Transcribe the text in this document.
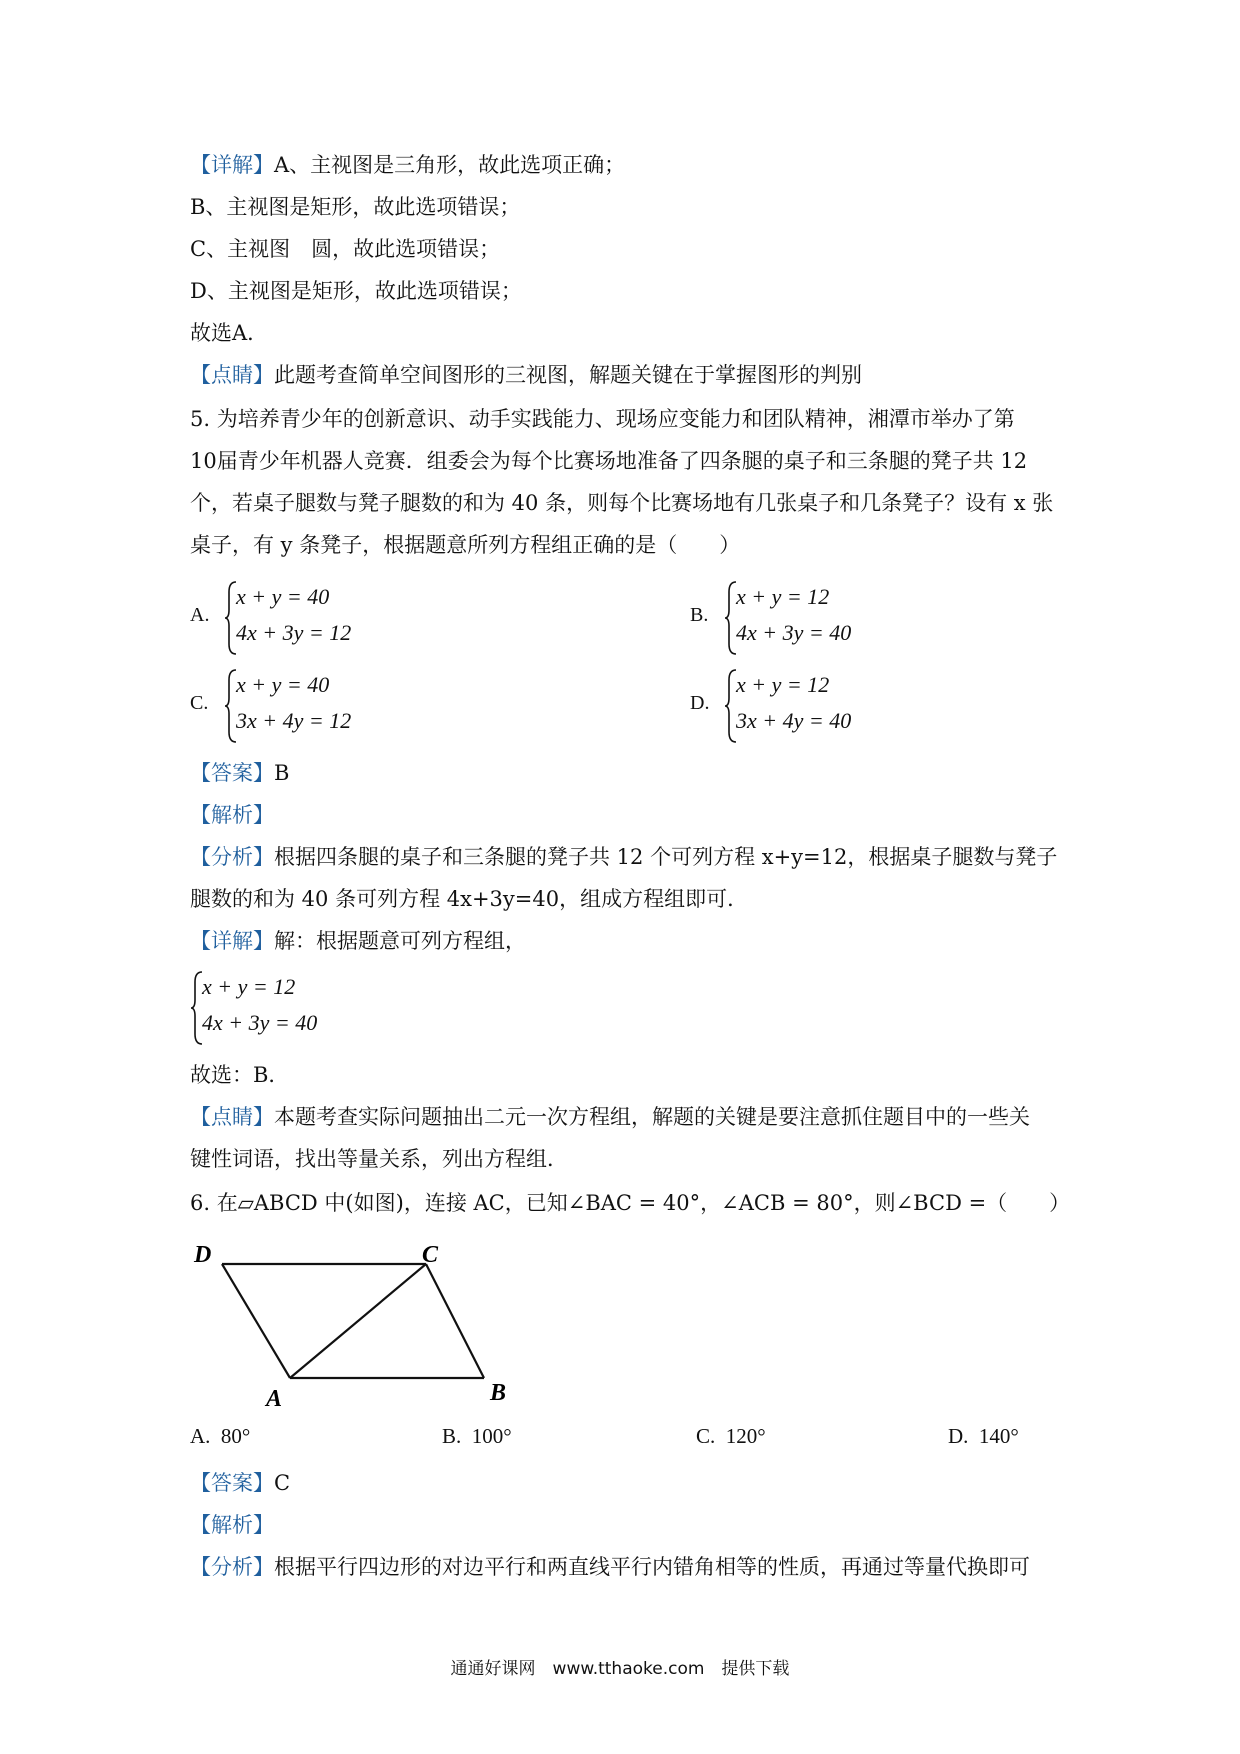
【详解】A、主视图是三角形，故此选项正确；
B、主视图是矩形，故此选项错误；
C、主视图　圆，故此选项错误；
D、主视图是矩形，故此选项错误；
故选A．
【点睛】此题考查简单空间图形的三视图，解题关键在于掌握图形的判别
5. 为培养青少年的创新意识、动手实践能力、现场应变能力和团队精神，湘潭市举办了第
10届青少年机器人竞赛．组委会为每个比赛场地准备了四条腿的桌子和三条腿的凳子共 12
个，若桌子腿数与凳子腿数的和为 40 条，则每个比赛场地有几张桌子和几条凳子？设有 x 张
桌子，有 y 条凳子，根据题意所列方程组正确的是（　　）
A.
x + y = 40
4x + 3y = 12
B.
x + y = 12
4x + 3y = 40
C.
x + y = 40
3x + 4y = 12
D.
x + y = 12
3x + 4y = 40
【答案】B
【解析】
【分析】根据四条腿的桌子和三条腿的凳子共 12 个可列方程 x+y=12，根据桌子腿数与凳子
腿数的和为 40 条可列方程 4x+3y=40，组成方程组即可．
【详解】解：根据题意可列方程组，
x + y = 12
4x + 3y = 40
故选：B．
【点睛】本题考查实际问题抽出二元一次方程组，解题的关键是要注意抓住题目中的一些关
键性词语，找出等量关系，列出方程组．
6. 在▱ABCD 中(如图)，连接 AC，已知∠BAC = 40°，∠ACB = 80°，则∠BCD =（　　）
D	C
A	B
A. 80°	B. 100°	C. 120°	D. 140°
【答案】C
【解析】
【分析】根据平行四边形的对边平行和两直线平行内错角相等的性质，再通过等量代换即可
通通好课网　www.tthaoke.com　提供下载
